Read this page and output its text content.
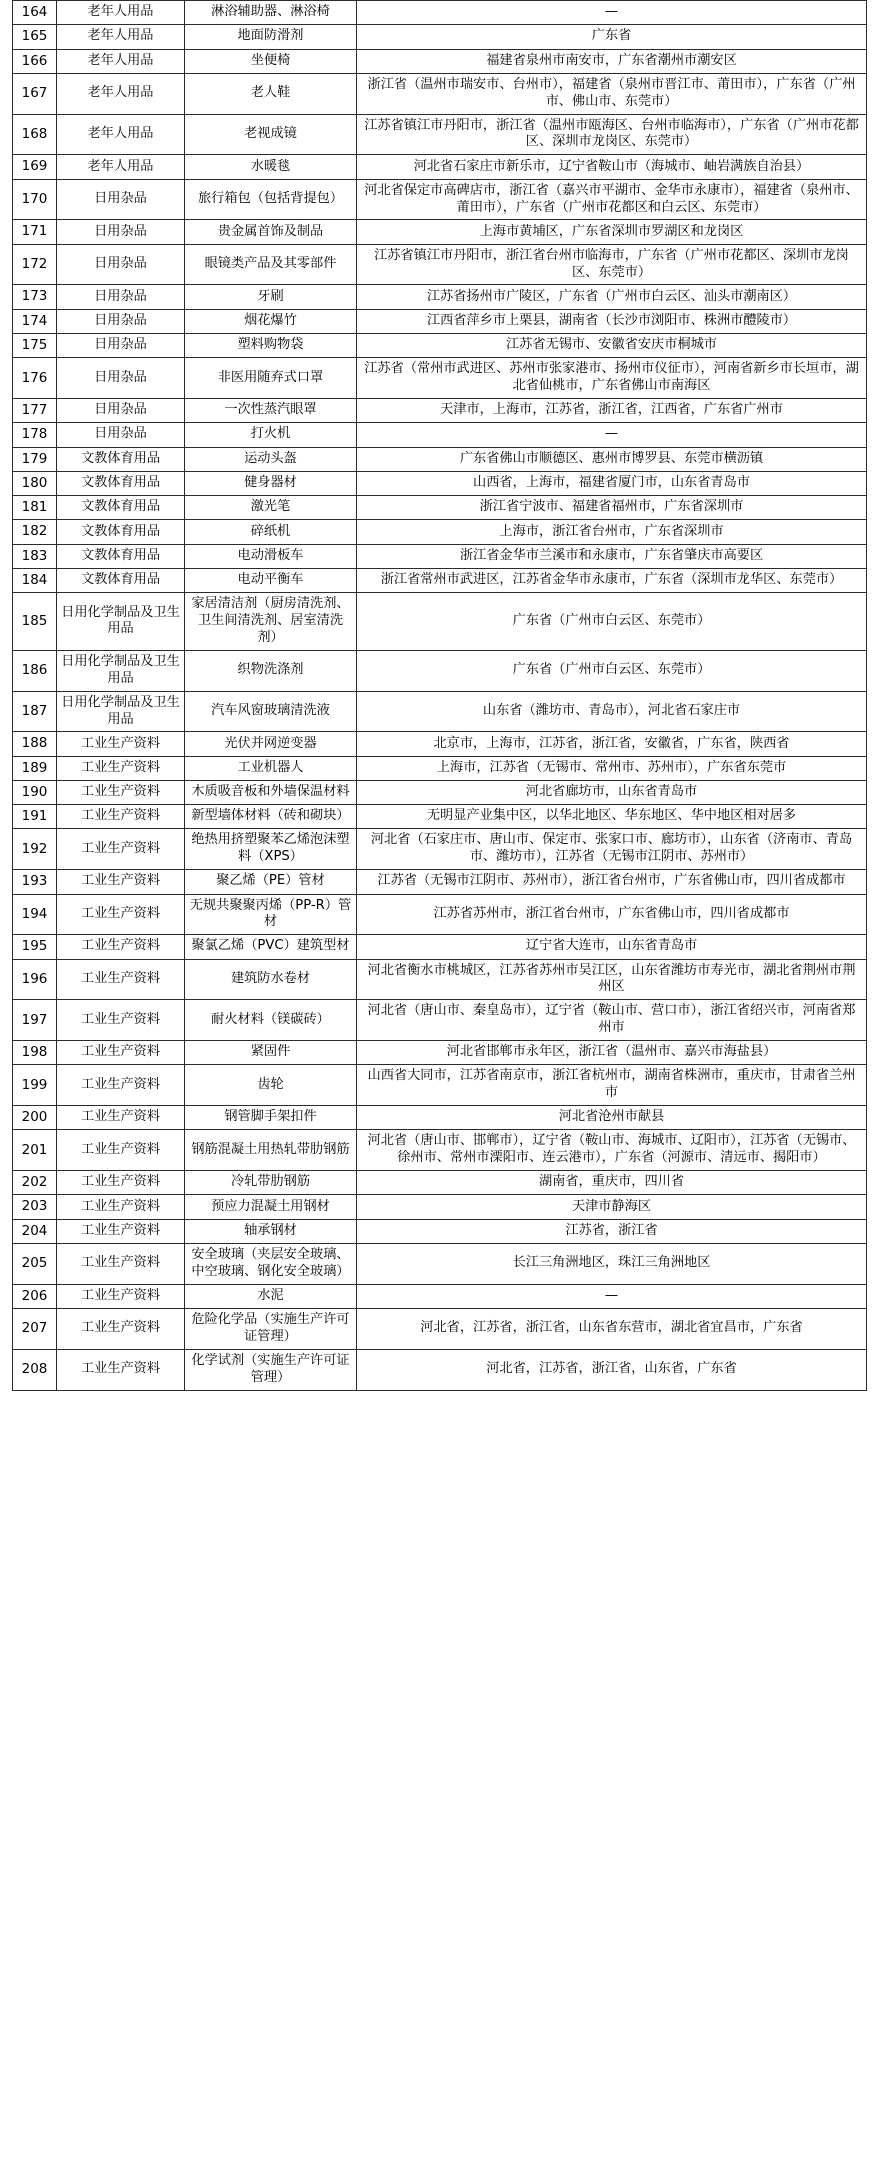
164	老年人用品	淋浴辅助器、淋浴椅	—
165	老年人用品	地面防滑剂	广东省
166	老年人用品	坐便椅	福建省泉州市南安市，广东省潮州市潮安区
167	老年人用品	老人鞋	浙江省（温州市瑞安市、台州市），福建省（泉州市晋江市、莆田市），广东省（广州市、佛山市、东莞市）
168	老年人用品	老视成镜	江苏省镇江市丹阳市，浙江省（温州市瓯海区、台州市临海市），广东省（广州市花都区、深圳市龙岗区、东莞市）
169	老年人用品	水暖毯	河北省石家庄市新乐市，辽宁省鞍山市（海城市、岫岩满族自治县）
170	日用杂品	旅行箱包（包括背提包）	河北省保定市高碑店市，浙江省（嘉兴市平湖市、金华市永康市），福建省（泉州市、莆田市），广东省（广州市花都区和白云区、东莞市）
171	日用杂品	贵金属首饰及制品	上海市黄埔区，广东省深圳市罗湖区和龙岗区
172	日用杂品	眼镜类产品及其零部件	江苏省镇江市丹阳市，浙江省台州市临海市，广东省（广州市花都区、深圳市龙岗区、东莞市）
173	日用杂品	牙刷	江苏省扬州市广陵区，广东省（广州市白云区、汕头市潮南区）
174	日用杂品	烟花爆竹	江西省萍乡市上栗县，湖南省（长沙市浏阳市、株洲市醴陵市）
175	日用杂品	塑料购物袋	江苏省无锡市、安徽省安庆市桐城市
176	日用杂品	非医用随弃式口罩	江苏省（常州市武进区、苏州市张家港市、扬州市仪征市），河南省新乡市长垣市，湖北省仙桃市，广东省佛山市南海区
177	日用杂品	一次性蒸汽眼罩	天津市，上海市，江苏省，浙江省，江西省，广东省广州市
178	日用杂品	打火机	—
179	文教体育用品	运动头盔	广东省佛山市顺德区、惠州市博罗县、东莞市横沥镇
180	文教体育用品	健身器材	山西省，上海市，福建省厦门市，山东省青岛市
181	文教体育用品	激光笔	浙江省宁波市、福建省福州市，广东省深圳市
182	文教体育用品	碎纸机	上海市，浙江省台州市，广东省深圳市
183	文教体育用品	电动滑板车	浙江省金华市兰溪市和永康市，广东省肇庆市高要区
184	文教体育用品	电动平衡车	浙江省常州市武进区，江苏省金华市永康市，广东省（深圳市龙华区、东莞市）
185	日用化学制品及卫生用品	家居清洁剂（厨房清洗剂、卫生间清洗剂、居室清洗剂）	广东省（广州市白云区、东莞市）
186	日用化学制品及卫生用品	织物洗涤剂	广东省（广州市白云区、东莞市）
187	日用化学制品及卫生用品	汽车风窗玻璃清洗液	山东省（潍坊市、青岛市），河北省石家庄市
188	工业生产资料	光伏并网逆变器	北京市，上海市，江苏省，浙江省，安徽省，广东省，陕西省
189	工业生产资料	工业机器人	上海市，江苏省（无锡市、常州市、苏州市），广东省东莞市
190	工业生产资料	木质吸音板和外墙保温材料	河北省廊坊市，山东省青岛市
191	工业生产资料	新型墙体材料（砖和砌块）	无明显产业集中区，以华北地区、华东地区、华中地区相对居多
192	工业生产资料	绝热用挤塑聚苯乙烯泡沫塑料（XPS）	河北省（石家庄市、唐山市、保定市、张家口市、廊坊市），山东省（济南市、青岛市、潍坊市），江苏省（无锡市江阴市、苏州市）
193	工业生产资料	聚乙烯（PE）管材	江苏省（无锡市江阴市、苏州市），浙江省台州市，广东省佛山市，四川省成都市
194	工业生产资料	无规共聚聚丙烯（PP-R）管材	江苏省苏州市，浙江省台州市，广东省佛山市，四川省成都市
195	工业生产资料	聚氯乙烯（PVC）建筑型材	辽宁省大连市，山东省青岛市
196	工业生产资料	建筑防水卷材	河北省衡水市桃城区，江苏省苏州市吴江区，山东省潍坊市寿光市，湖北省荆州市荆州区
197	工业生产资料	耐火材料（镁碳砖）	河北省（唐山市、秦皇岛市），辽宁省（鞍山市、营口市），浙江省绍兴市，河南省郑州市
198	工业生产资料	紧固件	河北省邯郸市永年区，浙江省（温州市、嘉兴市海盐县）
199	工业生产资料	齿轮	山西省大同市，江苏省南京市，浙江省杭州市，湖南省株洲市，重庆市，甘肃省兰州市
200	工业生产资料	钢管脚手架扣件	河北省沧州市献县
201	工业生产资料	钢筋混凝土用热轧带肋钢筋	河北省（唐山市、邯郸市），辽宁省（鞍山市、海城市、辽阳市），江苏省（无锡市、徐州市、常州市溧阳市、连云港市），广东省（河源市、清远市、揭阳市）
202	工业生产资料	冷轧带肋钢筋	湖南省，重庆市，四川省
203	工业生产资料	预应力混凝土用钢材	天津市静海区
204	工业生产资料	轴承钢材	江苏省，浙江省
205	工业生产资料	安全玻璃（夹层安全玻璃、中空玻璃、钢化安全玻璃）	长江三角洲地区，珠江三角洲地区
206	工业生产资料	水泥	—
207	工业生产资料	危险化学品（实施生产许可证管理）	河北省，江苏省，浙江省，山东省东营市，湖北省宜昌市，广东省
208	工业生产资料	化学试剂（实施生产许可证管理）	河北省，江苏省，浙江省，山东省，广东省
